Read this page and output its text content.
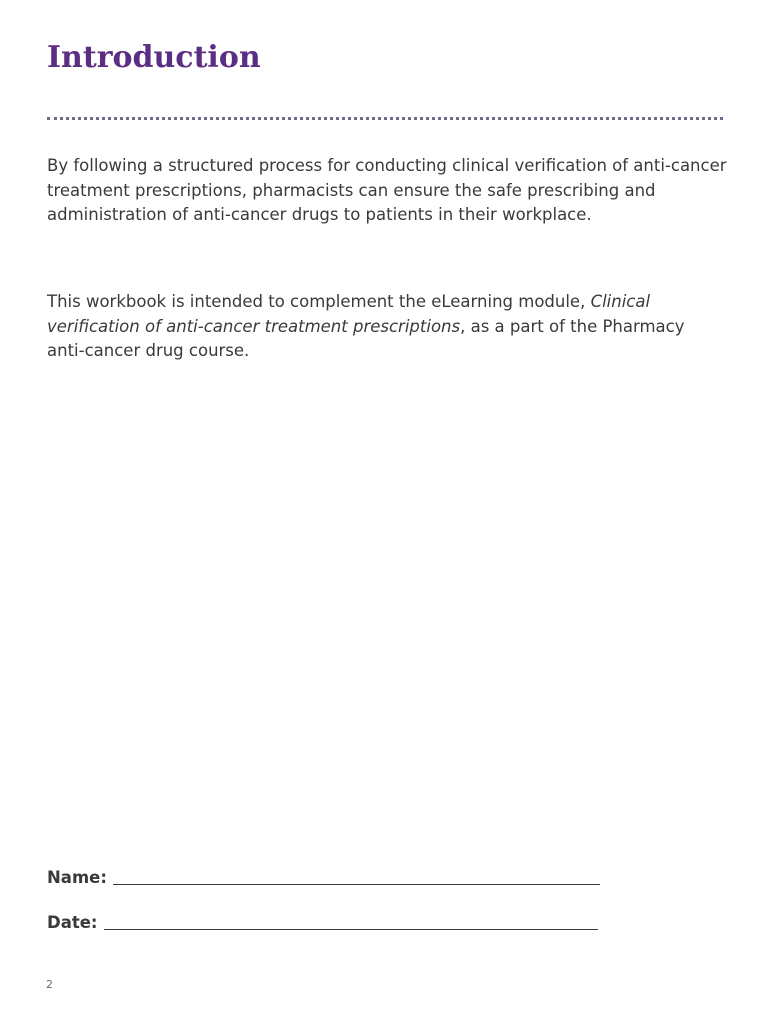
Introduction

By following a structured process for conducting clinical verification of anti-cancer treatment prescriptions, pharmacists can ensure the safe prescribing and administration of anti-cancer drugs to patients in their workplace.

This workbook is intended to complement the eLearning module, Clinical verification of anti-cancer treatment prescriptions, as a part of the Pharmacy anti-cancer drug course.

Name:
Date:
2
